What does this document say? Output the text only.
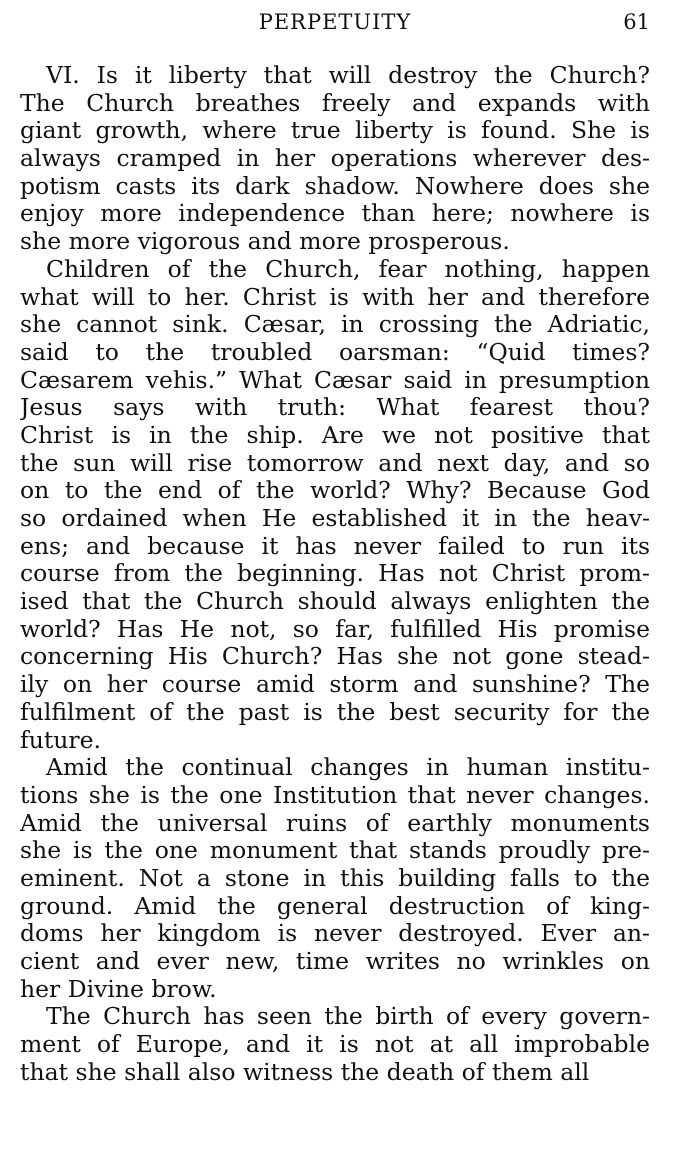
PERPETUITY	61
VI. Is it liberty that will destroy the Church?
The Church breathes freely and expands with
giant growth, where true liberty is found. She is
always cramped in her operations wherever des-
potism casts its dark shadow. Nowhere does she
enjoy more independence than here; nowhere is
she more vigorous and more prosperous.
Children of the Church, fear nothing, happen
what will to her. Christ is with her and therefore
she cannot sink. Cæsar, in crossing the Adriatic,
said to the troubled oarsman: “Quid times?
Cæsarem vehis.” What Cæsar said in presumption
Jesus says with truth: What fearest thou?
Christ is in the ship. Are we not positive that
the sun will rise tomorrow and next day, and so
on to the end of the world? Why? Because God
so ordained when He established it in the heav-
ens; and because it has never failed to run its
course from the beginning. Has not Christ prom-
ised that the Church should always enlighten the
world? Has He not, so far, fulfilled His promise
concerning His Church? Has she not gone stead-
ily on her course amid storm and sunshine? The
fulfilment of the past is the best security for the
future.
Amid the continual changes in human institu-
tions she is the one Institution that never changes.
Amid the universal ruins of earthly monuments
she is the one monument that stands proudly pre-
eminent. Not a stone in this building falls to the
ground. Amid the general destruction of king-
doms her kingdom is never destroyed. Ever an-
cient and ever new, time writes no wrinkles on
her Divine brow.
The Church has seen the birth of every govern-
ment of Europe, and it is not at all improbable
that she shall also witness the death of them all
